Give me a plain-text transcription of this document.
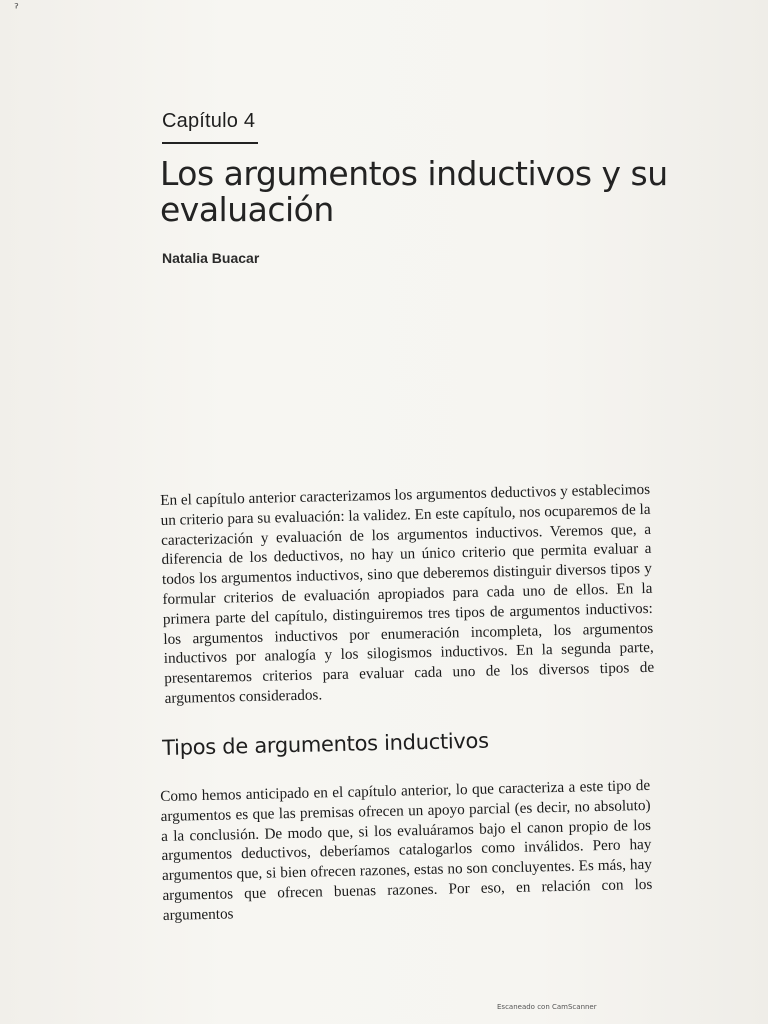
ˀ
Capítulo 4
Los argumentos inductivos y su evaluación
Natalia Buacar

En el capítulo anterior caracterizamos los argumentos deductivos y establecimos un criterio para su evaluación: la validez. En este capítulo, nos ocuparemos de la caracterización y evaluación de los argumentos inductivos. Veremos que, a diferencia de los deductivos, no hay un único criterio que permita evaluar a todos los argumentos inductivos, sino que deberemos distinguir diversos tipos y formular criterios de evaluación apropiados para cada uno de ellos. En la primera parte del capítulo, distinguiremos tres tipos de argumentos inductivos: los argumentos inductivos por enumeración incompleta, los argumentos inductivos por analogía y los silogismos inductivos. En la segunda parte, presentaremos criterios para evaluar cada uno de los diversos tipos de argumentos considerados.

Tipos de argumentos inductivos

Como hemos anticipado en el capítulo anterior, lo que caracteriza a este tipo de argumentos es que las premisas ofrecen un apoyo parcial (es decir, no absoluto) a la conclusión. De modo que, si los evaluáramos bajo el canon propio de los argumentos deductivos, deberíamos catalogarlos como inválidos. Pero hay argumentos que, si bien ofrecen razones, estas no son concluyentes. Es más, hay argumentos que ofrecen buenas razones. Por eso, en relación con los argumentos

Escaneado con CamScanner
